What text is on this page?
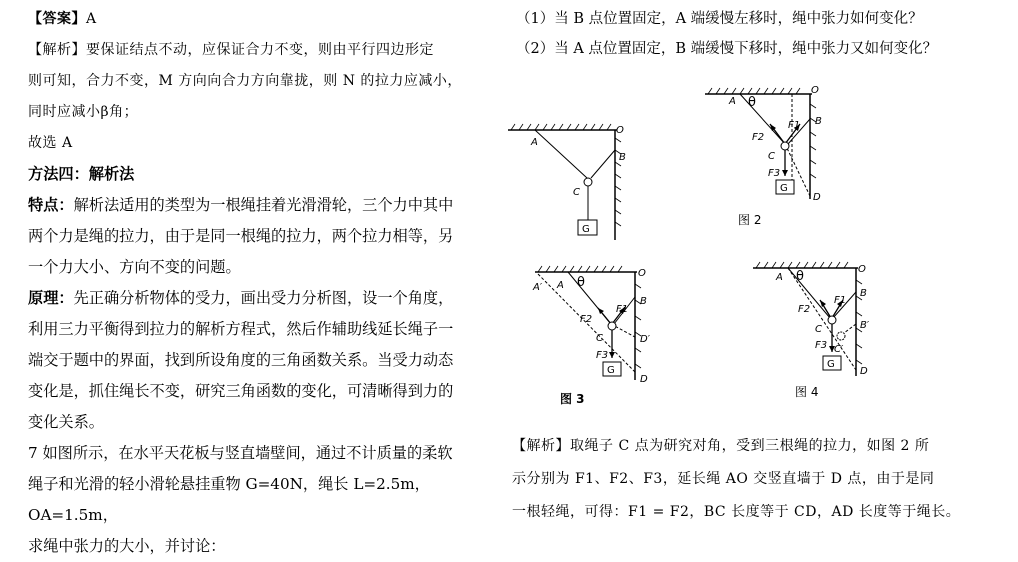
【答案】A

【解析】要保证结点不动，应保证合力不变，则由平行四边形定

则可知，合力不变，M 方向向合力方向靠拢，则 N 的拉力应减小，

同时应减小β角；

故选 A

方法四：解析法

特点：解析法适用的类型为一根绳挂着光滑滑轮，三个力中其中

两个力是绳的拉力，由于是同一根绳的拉力，两个拉力相等，另

一个力大小、方向不变的问题。

原理：先正确分析物体的受力，画出受力分析图，设一个角度，

利用三力平衡得到拉力的解析方程式，然后作辅助线延长绳子一

端交于题中的界面，找到所设角度的三角函数关系。当受力动态

变化是，抓住绳长不变，研究三角函数的变化，可清晰得到力的

变化关系。

7 如图所示，在水平天花板与竖直墙壁间，通过不计质量的柔软

绳子和光滑的轻小滑轮悬挂重物 G=40N，绳长 L=2.5m，OA=1.5m，

求绳中张力的大小，并讨论：

（1）当 B 点位置固定，A 端缓慢左移时，绳中张力如何变化？

（2）当 A 点位置固定，B 端缓慢下移时，绳中张力又如何变化？

G
A
O
B
C	G
A θ
O
B
C
D
F2
F1
F3
图 2
G
A′ A θ
O
B
C	D′
D
F2
F1
F3
图 3
G
A θ	O
B
B′
C
C′
D
F2
F1
F3
图 4

【解析】取绳子 C 点为研究对角，受到三根绳的拉力，如图 2 所

示分别为 F1、F2、F3，延长绳 AO 交竖直墙于 D 点，由于是同

一根轻绳，可得：F1 = F2，BC 长度等于 CD，AD 长度等于绳长。
